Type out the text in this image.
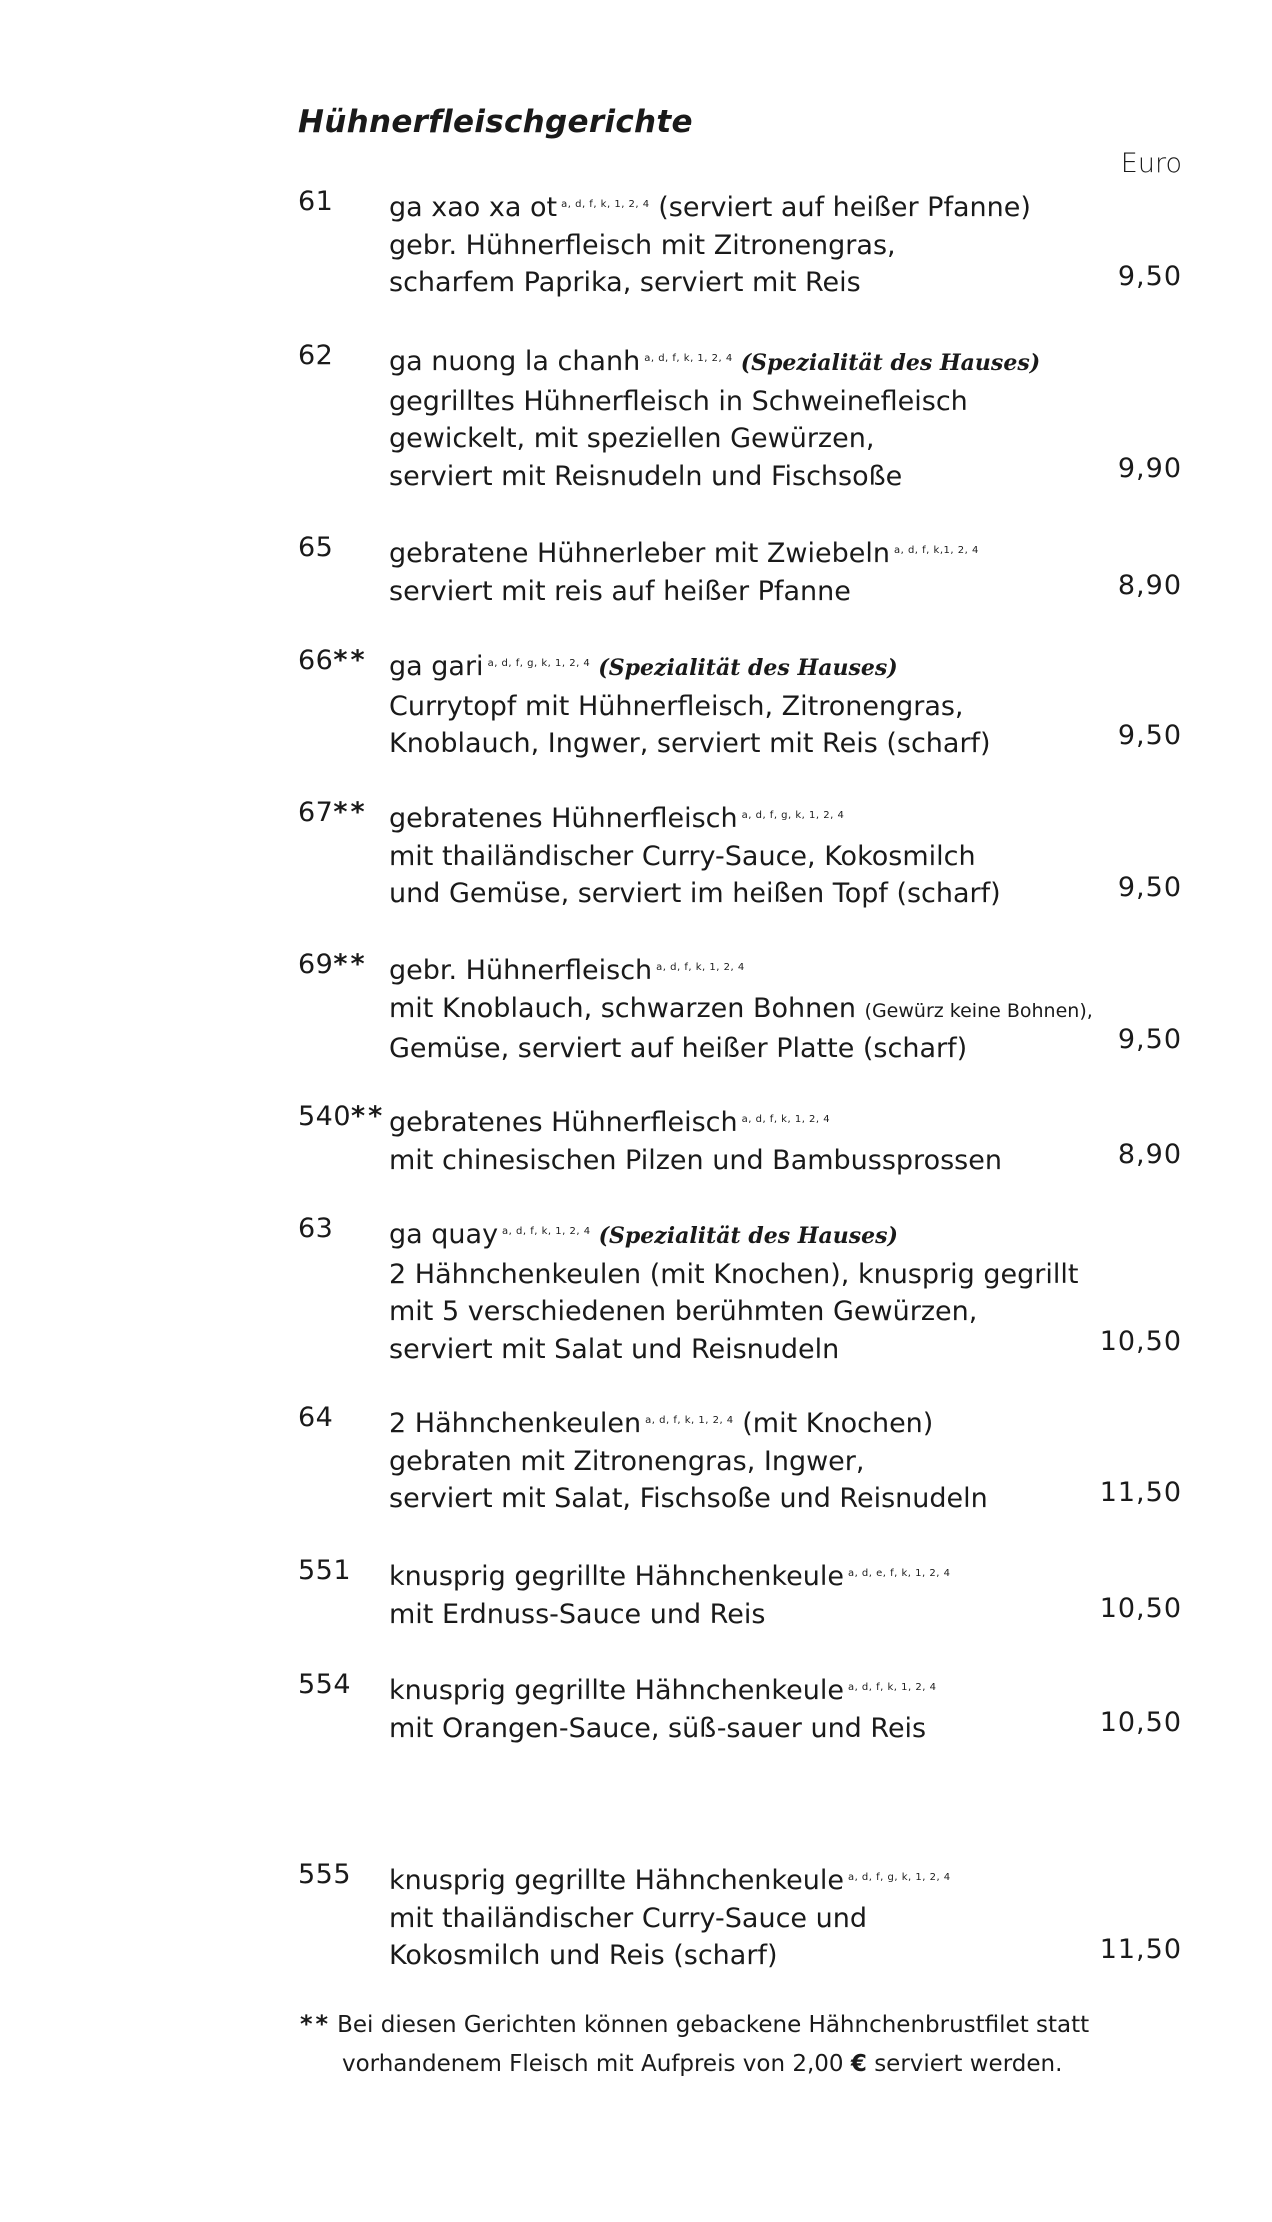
Hühnerfleischgerichte
Euro
61 ga xao xa ot $^{a, d, f, k, 1, 2, 4}$ (serviert auf heißer Pfanne)
gebr. Hühnerfleisch mit Zitronengras,
scharfem Paprika, serviert mit Reis	9,50
62 ga nuong la chanh $^{a, d, f, k, 1, 2, 4}$ (Spezialität des Hauses)
gegrilltes Hühnerfleisch in Schweinefleisch
gewickelt, mit speziellen Gewürzen,
serviert mit Reisnudeln und Fischsoße	9,90
65 gebratene Hühnerleber mit Zwiebeln $^{a, d, f, k,1, 2, 4}$
serviert mit reis auf heißer Pfanne	8,90
66** ga gari $^{a, d, f, g, k, 1, 2, 4}$ (Spezialität des Hauses)
Currytopf mit Hühnerfleisch, Zitronengras,
Knoblauch, Ingwer, serviert mit Reis (scharf)	9,50
67** gebratenes Hühnerfleisch $^{a, d, f, g, k, 1, 2, 4}$
mit thailändischer Curry-Sauce, Kokosmilch
und Gemüse, serviert im heißen Topf (scharf)	9,50
69** gebr. Hühnerfleisch $^{a, d, f, k, 1, 2, 4}$
mit Knoblauch, schwarzen Bohnen (Gewürz keine Bohnen),
Gemüse, serviert auf heißer Platte (scharf)	9,50
540** gebratenes Hühnerfleisch $^{a, d, f, k, 1, 2, 4}$
mit chinesischen Pilzen und Bambussprossen	8,90
63 ga quay $^{a, d, f, k, 1, 2, 4}$ (Spezialität des Hauses)
2 Hähnchenkeulen (mit Knochen), knusprig gegrillt
mit 5 verschiedenen berühmten Gewürzen,
serviert mit Salat und Reisnudeln	10,50
64 2 Hähnchenkeulen $^{a, d, f, k, 1, 2, 4}$ (mit Knochen)
gebraten mit Zitronengras, Ingwer,
serviert mit Salat, Fischsoße und Reisnudeln	11,50
551 knusprig gegrillte Hähnchenkeule $^{a, d, e, f, k, 1, 2, 4}$
mit Erdnuss-Sauce und Reis	10,50
554 knusprig gegrillte Hähnchenkeule $^{a, d, f, k, 1, 2, 4}$
mit Orangen-Sauce, süß-sauer und Reis	10,50
555 knusprig gegrillte Hähnchenkeule $^{a, d, f, g, k, 1, 2, 4}$
mit thailändischer Curry-Sauce und
Kokosmilch und Reis (scharf)	11,50
** Bei diesen Gerichten können gebackene Hähnchenbrustfilet statt
vorhandenem Fleisch mit Aufpreis von 2,00 € serviert werden.
